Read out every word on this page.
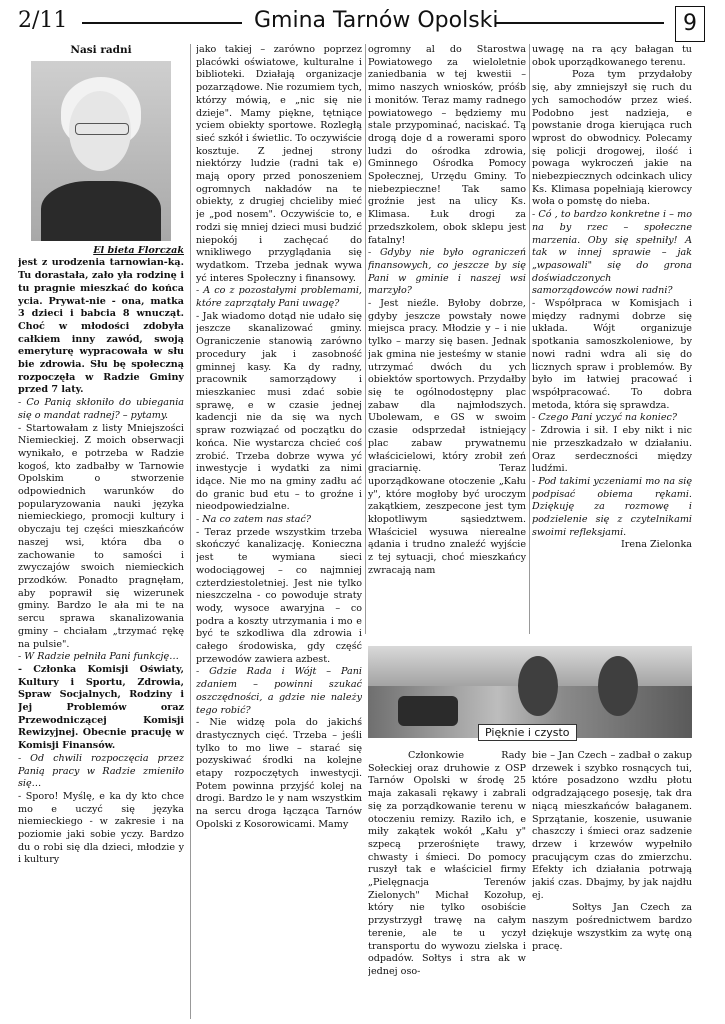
2/11	Gmina Tarnów Opolski	9
Nasi radni

El bieta Florczak

jest z urodzenia tarnowian-ką. Tu dorastała, zało yła rodzinę i tu pragnie mieszkać do końca ycia. Prywat-nie - ona, matka 3 dzieci i babcia 8 wnucząt. Choć w młodości zdobyła całkiem inny zawód, swoją emeryturę wypracowała w słu bie zdrowia. Słu bę społeczną rozpoczęła w Radzie Gminy przed 7 laty.

- Co Panią skłoniło do ubiegania się o mandat radnej? – pytamy.

- Startowałam z listy Mniejszości Niemieckiej. Z moich obserwacji wynikało, e potrzeba w Radzie kogoś, kto zadbałby w Tarnowie Opolskim o stworzenie odpowiednich warunków do popularyzowania nauki języka niemieckiego, promocji kultury i obyczaju tej części mieszkańców naszej wsi, która dba o zachowanie to samości i zwyczajów swoich niemieckich przodków. Ponadto pragnęłam, aby poprawił się wizerunek gminy. Bardzo le ała mi te na sercu sprawa skanalizowania gminy – chciałam „trzymać rękę na pulsie".

- W Radzie pełniła Pani funkcję…

- Członka Komisji Oświaty, Kultury i Sportu, Zdrowia, Spraw Socjalnych, Rodziny i Jej Problemów oraz Przewodniczącej Komisji Rewizyjnej. Obecnie pracuję w Komisji Finansów.

- Od chwili rozpoczęcia przez Panią pracy w Radzie zmieniło się…

- Sporo! Myślę, e ka dy kto chce mo e uczyć się języka niemieckiego - w zakresie i na poziomie jaki sobie yczy. Bardzo du o robi się dla dzieci, młodzie y i kultury

jako takiej – zarówno poprzez placówki oświatowe, kulturalne i biblioteki. Działają organizacje pozarządowe. Nie rozumiem tych, którzy mówią, e „nic się nie dzieje". Mamy piękne, tętniące yciem obiekty sportowe. Rozległą sieć szkół i świetlic. To oczywiście kosztuje. Z jednej strony niektórzy ludzie (radni tak e) mają opory przed ponoszeniem ogromnych nakładów na te obiekty, z drugiej chcieliby mieć je „pod nosem". Oczywiście to, e rodzi się mniej dzieci musi budzić niepokój i zachęcać do wnikliwego przyglądania się wydatkom. Trzeba jednak wywa yć interes Społeczny i finansowy.

- A co z pozostałymi problemami, które zaprzątały Pani uwagę?

- Jak wiadomo dotąd nie udało się jeszcze skanalizować gminy. Ograniczenie stanowią zarówno procedury jak i zasobność gminnej kasy. Ka dy radny, pracownik samorządowy i mieszkaniec musi zdać sobie sprawę, e w czasie jednej kadencji nie da się wa nych spraw rozwiązać od początku do końca. Nie wystarcza chcieć coś zrobić. Trzeba dobrze wywa yć inwestycje i wydatki za nimi idące. Nie mo na gminy zadłu ać do granic bud etu – to groźne i nieodpowiedzialne.

- Na co zatem nas stać?

- Teraz przede wszystkim trzeba skończyć kanalizację. Konieczna jest te wymiana sieci wodociągowej – co najmniej czterdziestoletniej. Jest nie tylko nieszczelna - co powoduje straty wody, wysoce awaryjna – co podra a koszty utrzymania i mo e być te szkodliwa dla zdrowia i całego środowiska, gdy część przewodów zawiera azbest.

- Gdzie Rada i Wójt – Pani zdaniem – powinni szukać oszczędności, a gdzie nie należy tego robić?

- Nie widzę pola do jakichś drastycznych cięć. Trzeba – jeśli tylko to mo liwe – starać się pozyskiwać środki na kolejne etapy rozpoczętych inwestycji. Potem powinna przyjść kolej na drogi. Bardzo le y nam wszystkim na sercu droga łącząca Tarnów Opolski z Kosorowicami. Mamy

ogromny al do Starostwa Powiatowego za wieloletnie zaniedbania w tej kwestii – mimo naszych wniosków, próśb i monitów. Teraz mamy radnego powiatowego – będziemy mu stale przypominać, naciskać. Tą drogą doje d a rowerami sporo ludzi do ośrodka zdrowia, Gminnego Ośrodka Pomocy Społecznej, Urzędu Gminy. To niebezpieczne! Tak samo groźnie jest na ulicy Ks. Klimasa. Łuk drogi za przedszkolem, obok sklepu jest fatalny!

- Gdyby nie było ograniczeń finansowych, co jeszcze by się Pani w gminie i naszej wsi marzyło?

- Jest nieźle. Byłoby dobrze, gdyby jeszcze powstały nowe miejsca pracy. Młodzie y – i nie tylko – marzy się basen. Jednak jak gmina nie jesteśmy w stanie utrzymać dwóch du ych obiektów sportowych. Przydałby się te ogólnodostępny plac zabaw dla najmłodszych. Ubolewam, e GS w swoim czasie odsprzedał istniejący plac zabaw prywatnemu właścicielowi, który zrobił zeń graciarnię. Teraz uporządkowane otoczenie „Kału y", które mogłoby być uroczym zakątkiem, zeszpecone jest tym kłopotliwym sąsiedztwem. Właściciel wysuwa nierealne ądania i trudno znaleźć wyjście z tej sytuacji, choć mieszkańcy zwracają nam

uwagę na ra ący bałagan tu obok uporządkowanego terenu.

Poza tym przydałoby się, aby zmniejszył się ruch du ych samochodów przez wieś. Podobno jest nadzieja, e powstanie droga kierująca ruch wprost do obwodnicy. Polecamy się policji drogowej, ilość i powaga wykroczeń jakie na niebezpiecznych odcinkach ulicy Ks. Klimasa popełniają kierowcy woła o pomstę do nieba.

- Có , to bardzo konkretne i – mo na by rzec – społeczne marzenia. Oby się spełniły! A tak w innej sprawie – jak „wpasowali" się do grona doświadczonych samorządowców nowi radni?

- Współpraca w Komisjach i między radnymi dobrze się układa. Wójt organizuje spotkania samoszkoleniowe, by nowi radni wdra ali się do licznych spraw i problemów. By było im łatwiej pracować i współpracować. To dobra metoda, która się sprawdza.

- Czego Pani yczyć na koniec?

- Zdrowia i sił. I eby nikt i nic nie przeszkadzało w działaniu. Oraz serdeczności między ludźmi.

- Pod takimi yczeniami mo na się podpisać obiema rękami. Dziękuję za rozmowę i podzielenie się z czytelnikami swoimi refleksjami.

Irena Zielonka

Pięknie i czysto

Członkowie Rady Sołeckiej oraz druhowie z OSP Tarnów Opolski w środę 25 maja zakasali rękawy i zabrali się za porządkowanie terenu w otoczeniu remizy. Raziło ich, e miły zakątek wokół „Kału y" szpecą przerośnięte trawy, chwasty i śmieci. Do pomocy ruszył tak e właściciel firmy „Pielęgnacja Terenów Zielonych" Michał Kozołup, który nie tylko osobiście przystrzygł trawę na całym terenie, ale te u yczył transportu do wywozu zielska i odpadów. Sołtys i stra ak w jednej oso-

bie – Jan Czech – zadbał o zakup drzewek i szybko rosnących tui, które posadzono wzdłu płotu odgradzającego posesję, tak dra niącą mieszkańców bałaganem. Sprzątanie, koszenie, usuwanie chaszczy i śmieci oraz sadzenie drzew i krzewów wypełniło pracującym czas do zmierzchu. Efekty ich działania potrwają jakiś czas. Dbajmy, by jak najdłu ej.

Sołtys Jan Czech za naszym pośrednictwem bardzo dziękuje wszystkim za wytę oną pracę.
